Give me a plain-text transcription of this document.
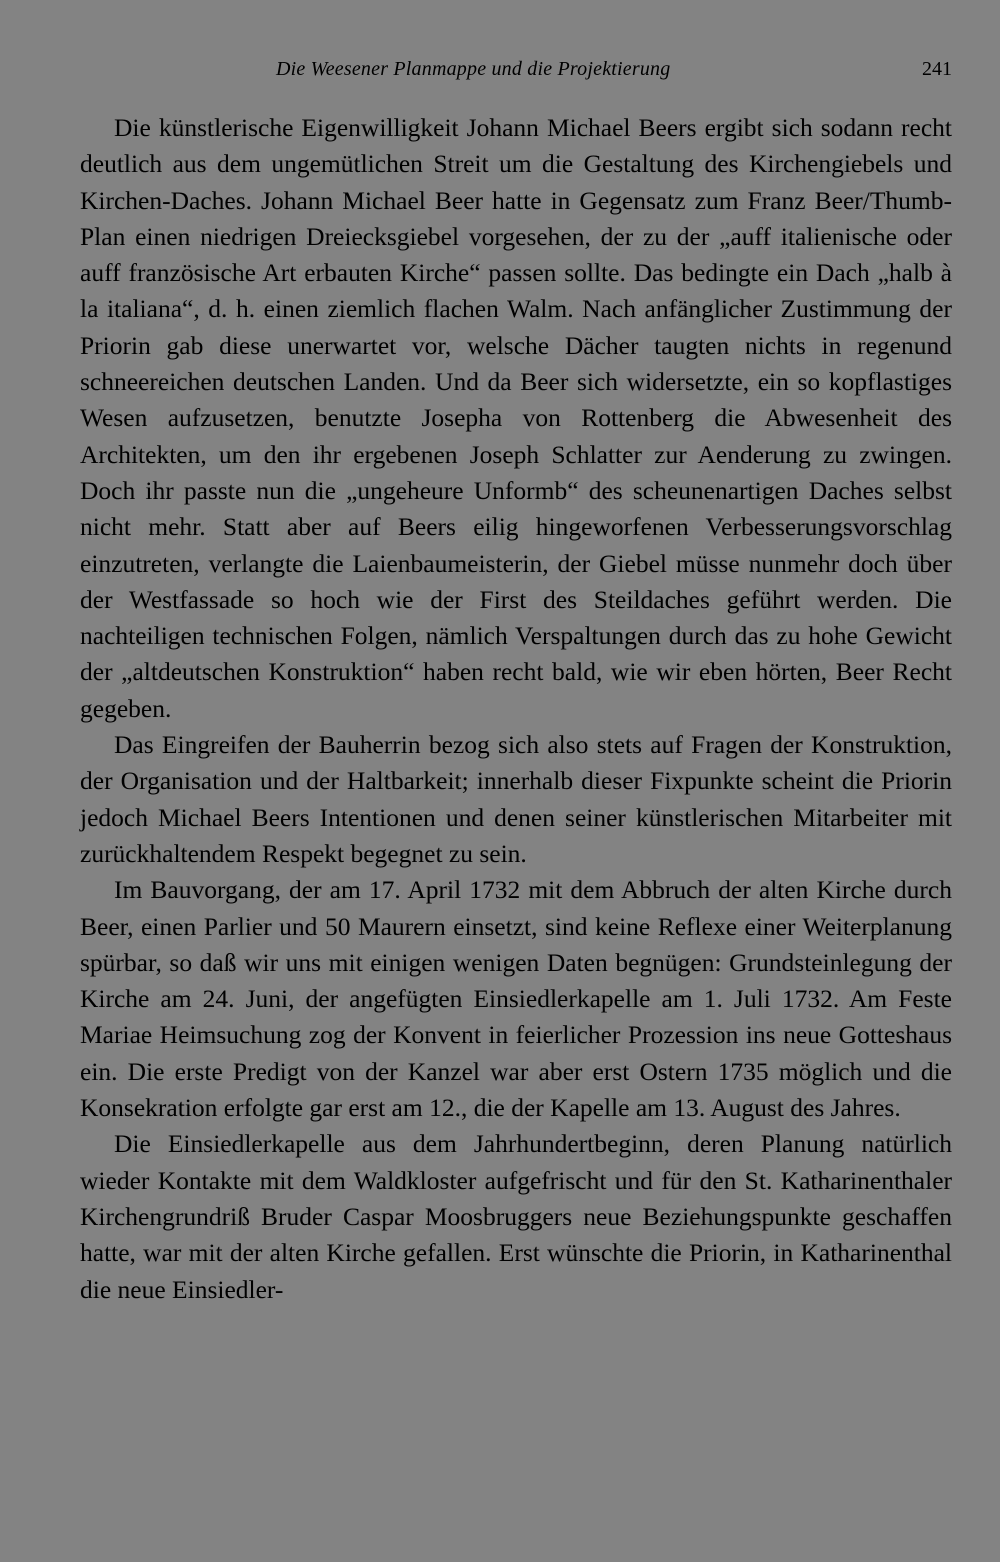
Die Weesener Planmappe und die Projektierung	241

Die künstlerische Eigenwilligkeit Johann Michael Beers ergibt sich sodann recht deutlich aus dem ungemütlichen Streit um die Gestaltung des Kirchengiebels und Kirchen-Daches. Johann Michael Beer hatte in Gegensatz zum Franz Beer/Thumb-Plan einen niedrigen Dreiecksgiebel vorgesehen, der zu der „auff italienische oder auff französische Art erbauten Kirche“ passen sollte. Das bedingte ein Dach „halb à la italiana“, d. h. einen ziemlich flachen Walm. Nach anfänglicher Zustimmung der Priorin gab diese unerwartet vor, welsche Dächer taugten nichts in regenund schneereichen deutschen Landen. Und da Beer sich widersetzte, ein so kopflastiges Wesen aufzusetzen, benutzte Josepha von Rottenberg die Abwesenheit des Architekten, um den ihr ergebenen Joseph Schlatter zur Aenderung zu zwingen. Doch ihr passte nun die „ungeheure Unformb“ des scheunenartigen Daches selbst nicht mehr. Statt aber auf Beers eilig hingeworfenen Verbesserungsvorschlag einzutreten, verlangte die Laienbaumeisterin, der Giebel müsse nunmehr doch über der Westfassade so hoch wie der First des Steildaches geführt werden. Die nachteiligen technischen Folgen, nämlich Verspaltungen durch das zu hohe Gewicht der „altdeutschen Konstruktion“ haben recht bald, wie wir eben hörten, Beer Recht gegeben.

Das Eingreifen der Bauherrin bezog sich also stets auf Fragen der Konstruktion, der Organisation und der Haltbarkeit; innerhalb dieser Fixpunkte scheint die Priorin jedoch Michael Beers Intentionen und denen seiner künstlerischen Mitarbeiter mit zurückhaltendem Respekt begegnet zu sein.

Im Bauvorgang, der am 17. April 1732 mit dem Abbruch der alten Kirche durch Beer, einen Parlier und 50 Maurern einsetzt, sind keine Reflexe einer Weiterplanung spürbar, so daß wir uns mit einigen wenigen Daten begnügen: Grundsteinlegung der Kirche am 24. Juni, der angefügten Einsiedlerkapelle am 1. Juli 1732. Am Feste Mariae Heimsuchung zog der Konvent in feierlicher Prozession ins neue Gotteshaus ein. Die erste Predigt von der Kanzel war aber erst Ostern 1735 möglich und die Konsekration erfolgte gar erst am 12., die der Kapelle am 13. August des Jahres.

Die Einsiedlerkapelle aus dem Jahrhundertbeginn, deren Planung natürlich wieder Kontakte mit dem Waldkloster aufgefrischt und für den St. Katharinenthaler Kirchengrundriß Bruder Caspar Moosbruggers neue Beziehungspunkte geschaffen hatte, war mit der alten Kirche gefallen. Erst wünschte die Priorin, in Katharinenthal die neue Einsiedler-
